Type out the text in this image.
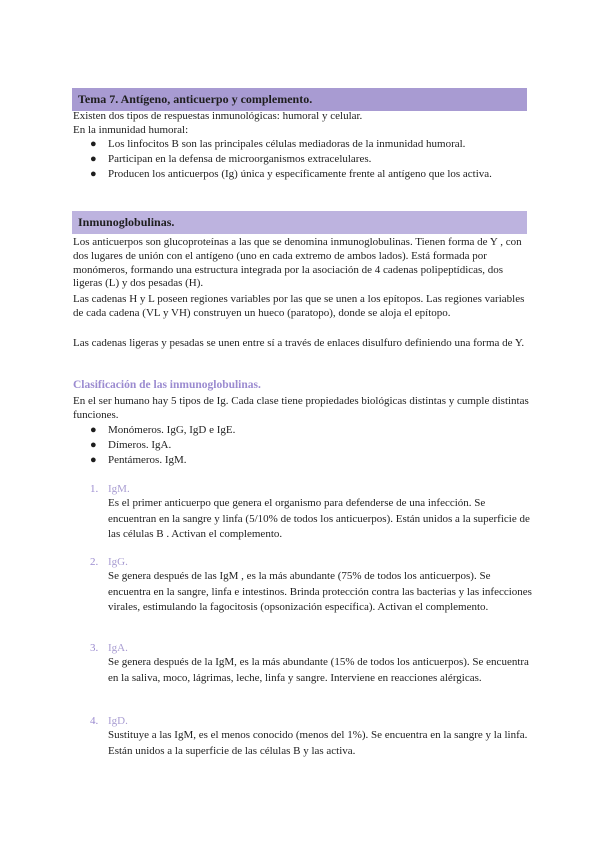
Tema 7. Antígeno, anticuerpo y complemento.
Existen dos tipos de respuestas inmunológicas: humoral y celular.
En la inmunidad humoral:
● Los linfocitos B son las principales células mediadoras de la inmunidad humoral.
● Participan en la defensa de microorganismos extracelulares.
● Producen los anticuerpos (Ig) única y específicamente frente al antígeno que los activa.
Inmunoglobulinas.
Los anticuerpos son glucoproteínas a las que se denomina inmunoglobulinas. Tienen forma de Y , con dos lugares de unión con el antígeno (uno en cada extremo de ambos lados). Está formada por monómeros, formando una estructura integrada por la asociación de 4 cadenas polipeptídicas, dos ligeras (L) y dos pesadas (H).
Las cadenas H y L poseen regiones variables por las que se unen a los epítopos. Las regiones variables de cada cadena (VL y VH) construyen un hueco (paratopo), donde se aloja el epítopo.
Las cadenas ligeras y pesadas se unen entre sí a través de enlaces disulfuro definiendo una forma de Y.
Clasificación de las inmunoglobulinas.
En el ser humano hay 5 tipos de Ig. Cada clase tiene propiedades biológicas distintas y cumple distintas funciones.
● Monómeros. IgG, IgD e IgE.
● Dímeros. IgA.
● Pentámeros. IgM.
1. IgM.
Es el primer anticuerpo que genera el organismo para defenderse de una infección. Se encuentran en la sangre y linfa (5/10% de todos los anticuerpos). Están unidos a la superficie de las células B . Activan el complemento.
2. IgG.
Se genera después de las IgM , es la más abundante (75% de todos los anticuerpos). Se encuentra en la sangre, linfa e intestinos. Brinda protección contra las bacterias y las infecciones virales, estimulando la fagocitosis (opsonización específica). Activan el complemento.
3. IgA.
Se genera después de la IgM, es la más abundante (15% de todos los anticuerpos). Se encuentra en la saliva, moco, lágrimas, leche, linfa y sangre. Interviene en reacciones alérgicas.
4. IgD.
Sustituye a las IgM, es el menos conocido (menos del 1%). Se encuentra en la sangre y la linfa. Están unidos a la superficie de las células B y las activa.
